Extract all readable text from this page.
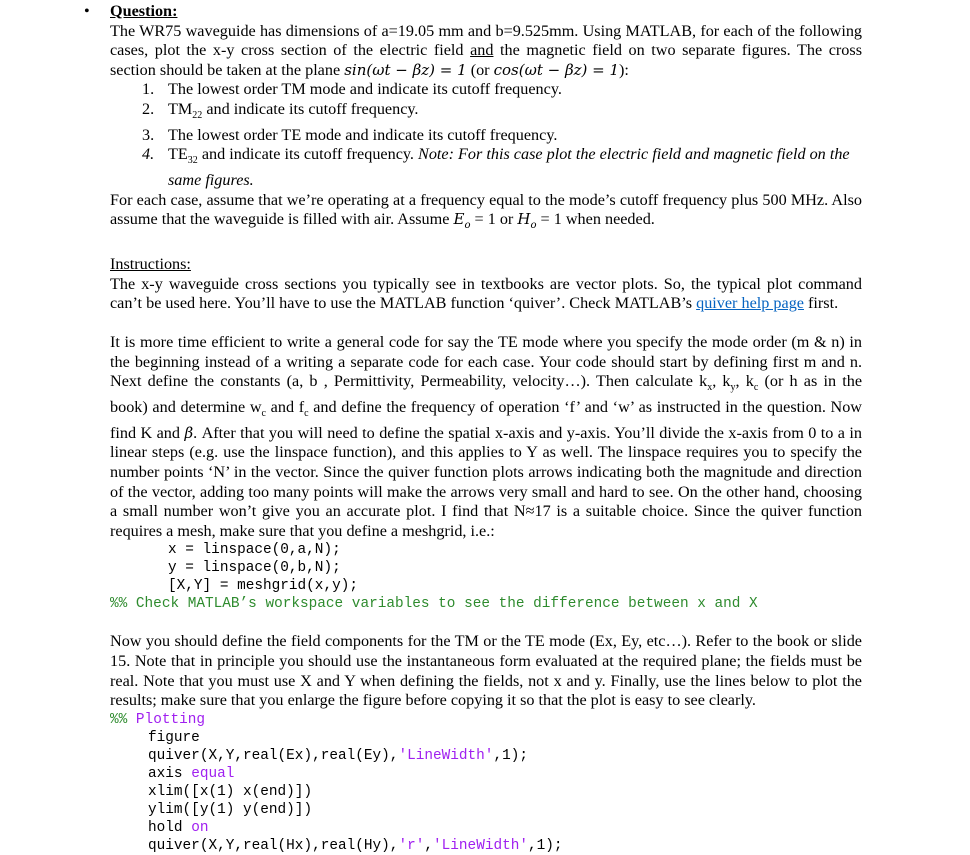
• Question:

The WR75 waveguide has dimensions of a=19.05 mm and b=9.525mm. Using MATLAB, for each of the following cases, plot the x-y cross section of the electric field and the magnetic field on two separate figures. The cross section should be taken at the plane sin(ωt − βz) = 1 (or cos(ωt − βz) = 1):

1. The lowest order TM mode and indicate its cutoff frequency.
2. $TM_{22}$ and indicate its cutoff frequency.
3. The lowest order TE mode and indicate its cutoff frequency.
4. $TE_{32}$ and indicate its cutoff frequency. Note: For this case plot the electric field and magnetic field on the same figures.

For each case, assume that we’re operating at a frequency equal to the mode’s cutoff frequency plus 500 MHz. Also assume that the waveguide is filled with air. Assume $E_o = 1$ or $H_o = 1$ when needed.

Instructions:

The x-y waveguide cross sections you typically see in textbooks are vector plots. So, the typical plot command can’t be used here. You’ll have to use the MATLAB function ‘quiver’. Check MATLAB’s quiver help page first.

It is more time efficient to write a general code for say the TE mode where you specify the mode order (m & n) in the beginning instead of a writing a separate code for each case. Your code should start by defining first m and n. Next define the constants (a, b , Permittivity, Permeability, velocity…). Then calculate $k_x$, $k_y$, $k_c$ (or h as in the book) and determine $w_c$ and $f_c$ and define the frequency of operation ‘f’ and ‘w’ as instructed in the question. Now find K and β. After that you will need to define the spatial x-axis and y-axis. You’ll divide the x-axis from 0 to a in linear steps (e.g. use the linspace function), and this applies to Y as well. The linspace requires you to specify the number points ‘N’ in the vector. Since the quiver function plots arrows indicating both the magnitude and direction of the vector, adding too many points will make the arrows very small and hard to see. On the other hand, choosing a small number won’t give you an accurate plot. I find that N≈17 is a suitable choice. Since the quiver function requires a mesh, make sure that you define a meshgrid, i.e.:

x = linspace(0,a,N);
y = linspace(0,b,N);
[X,Y] = meshgrid(x,y);
%% Check MATLAB’s workspace variables to see the difference between x and X

Now you should define the field components for the TM or the TE mode (Ex, Ey, etc…). Refer to the book or slide 15. Note that in principle you should use the instantaneous form evaluated at the required plane; the fields must be real. Note that you must use X and Y when defining the fields, not x and y. Finally, use the lines below to plot the results; make sure that you enlarge the figure before copying it so that the plot is easy to see clearly.

%% Plotting
figure
quiver(X,Y,real(Ex),real(Ey),'LineWidth',1);
axis equal
xlim([x(1) x(end)])
ylim([y(1) y(end)])
hold on
quiver(X,Y,real(Hx),real(Hy),'r','LineWidth',1);
